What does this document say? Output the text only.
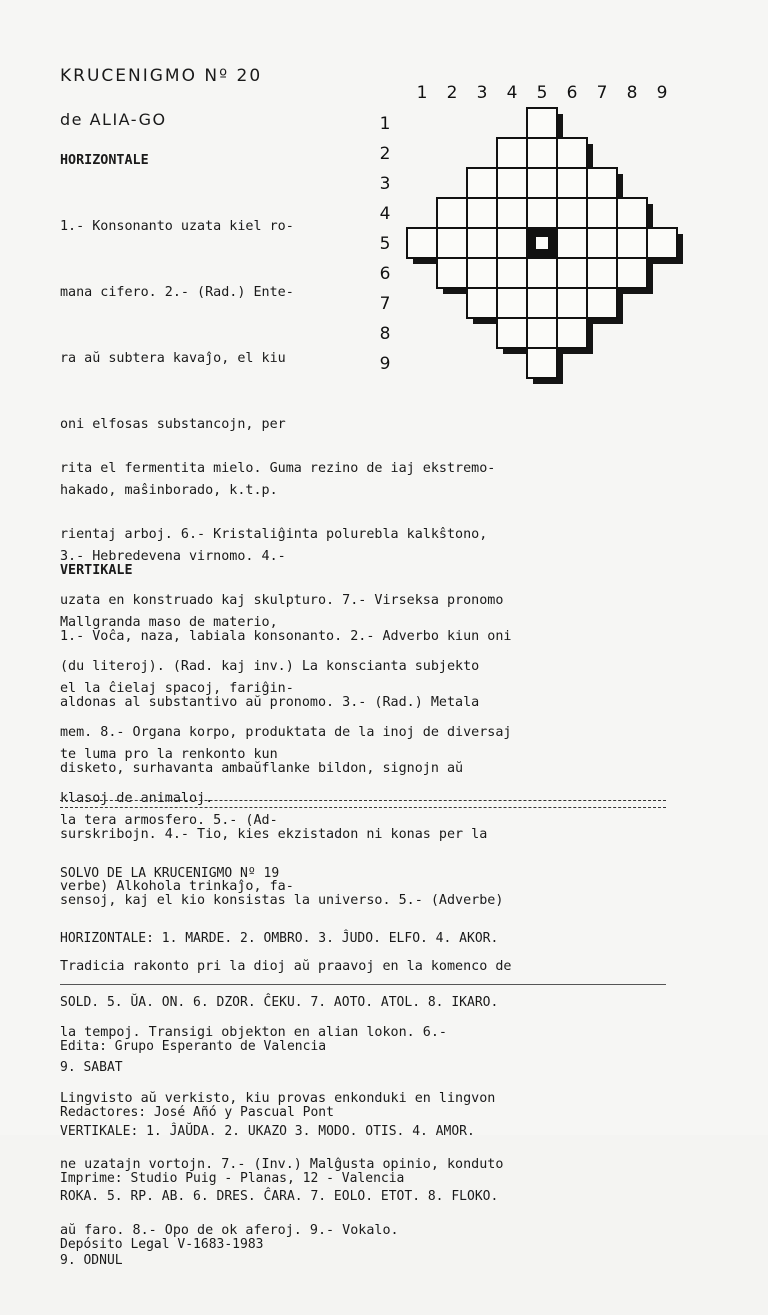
KRUCENIGMO Nº 20
de ALIA-GO
1 2 3 4 5 6 7 8 9
1
2
3
4
5
6
7
8
9
HORIZONTALE

1.- Konsonanto uzata kiel ro-

mana cifero. 2.- (Rad.) Ente-

ra aŭ subtera kavaĵo, el kiu

oni elfosas substancojn, per

hakado, maŝinborado, k.t.p.

3.- Hebredevena virnomo. 4.-

Mallgranda maso de materio,

el la ĉielaj spacoj, fariĝin-

te luma pro la renkonto kun

la tera armosfero. 5.- (Ad-

verbe) Alkohola trinkaĵo, fa-

rita el fermentita mielo. Guma rezino de iaj ekstremo-

rientaj arboj. 6.- Kristaliĝinta polurebla kalkŝtono,

uzata en konstruado kaj skulpturo. 7.- Virseksa pronomo

(du literoj). (Rad. kaj inv.) La konscianta subjekto

mem. 8.- Organa korpo, produktata de la inoj de diversaj

klasoj de animaloj.

VERTIKALE

1.- Voĉa, naza, labiala konsonanto. 2.- Adverbo kiun oni

aldonas al substantivo aŭ pronomo. 3.- (Rad.) Metala

disketo, surhavanta ambaŭflanke bildon, signojn aŭ

surskribojn. 4.- Tio, kies ekzistadon ni konas per la

sensoj, kaj el kio konsistas la universo. 5.- (Adverbe)

Tradicia rakonto pri la dioj aŭ praavoj en la komenco de

la tempoj. Transigi objekton en alian lokon. 6.-

Lingvisto aŭ verkisto, kiu provas enkonduki en lingvon

ne uzatajn vortojn. 7.- (Inv.) Malĝusta opinio, konduto

aŭ faro. 8.- Opo de ok aferoj. 9.- Vokalo.

SOLVO DE LA KRUCENIGMO Nº 19

HORIZONTALE: 1. MARDE. 2. OMBRO. 3. ĴUDO. ELFO. 4. AKOR.

SOLD. 5. ŬA. ON. 6. DZOR. ĈEKU. 7. AOTO. ATOL. 8. IKARO.

9. SABAT

VERTIKALE: 1. ĴAŬDA. 2. UKAZO 3. MODO. OTIS. 4. AMOR.

ROKA. 5. RP. AB. 6. DRES. ĈARA. 7. EOLO. ETOT. 8. FLOKO.

9. ODNUL

Edita: Grupo Esperanto de Valencia

Redactores: José Añó y Pascual Pont

Imprime: Studio Puig - Planas, 12 - Valencia

Depósito Legal V-1683-1983
